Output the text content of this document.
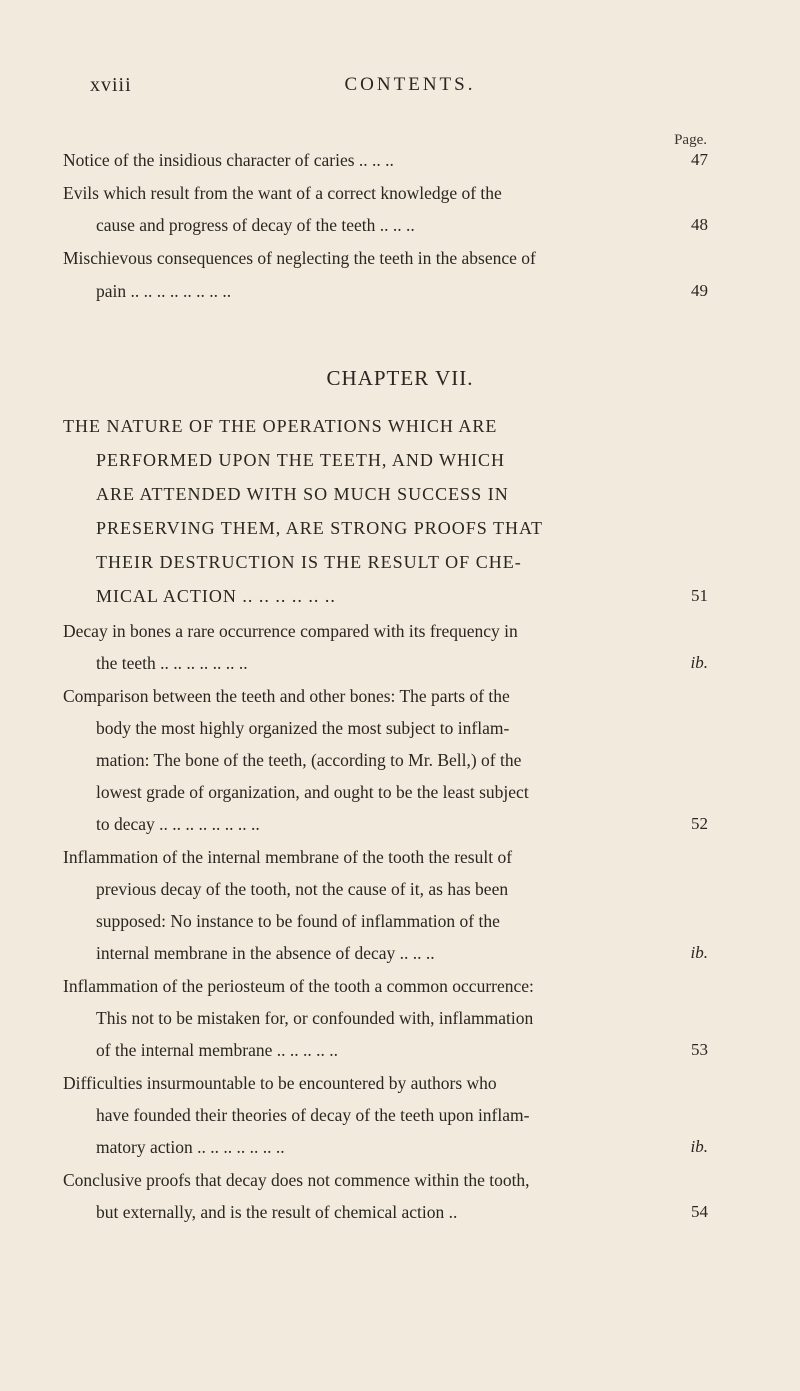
xviii	CONTENTS.
Page.
Notice of the insidious character of caries .. .. ..	47
Evils which result from the want of a correct knowledge of the
cause and progress of decay of the teeth .. .. ..	48
Mischievous consequences of neglecting the teeth in the absence of
pain .. .. .. .. .. .. .. ..	49
CHAPTER VII.
THE NATURE OF THE OPERATIONS WHICH ARE
PERFORMED UPON THE TEETH, AND WHICH
ARE ATTENDED WITH SO MUCH SUCCESS IN
PRESERVING THEM, ARE STRONG PROOFS THAT
THEIR DESTRUCTION IS THE RESULT OF CHE-
MICAL ACTION .. .. .. .. .. ..	51
Decay in bones a rare occurrence compared with its frequency in
the teeth .. .. .. .. .. .. ..	ib.
Comparison between the teeth and other bones: The parts of the
body the most highly organized the most subject to inflam-
mation: The bone of the teeth, (according to Mr. Bell,) of the
lowest grade of organization, and ought to be the least subject
to decay .. .. .. .. .. .. .. ..	52
Inflammation of the internal membrane of the tooth the result of
previous decay of the tooth, not the cause of it, as has been
supposed: No instance to be found of inflammation of the
internal membrane in the absence of decay .. .. ..	ib.
Inflammation of the periosteum of the tooth a common occurrence:
This not to be mistaken for, or confounded with, inflammation
of the internal membrane .. .. .. .. ..	53
Difficulties insurmountable to be encountered by authors who
have founded their theories of decay of the teeth upon inflam-
matory action .. .. .. .. .. .. ..	ib.
Conclusive proofs that decay does not commence within the tooth,
but externally, and is the result of chemical action ..	54
